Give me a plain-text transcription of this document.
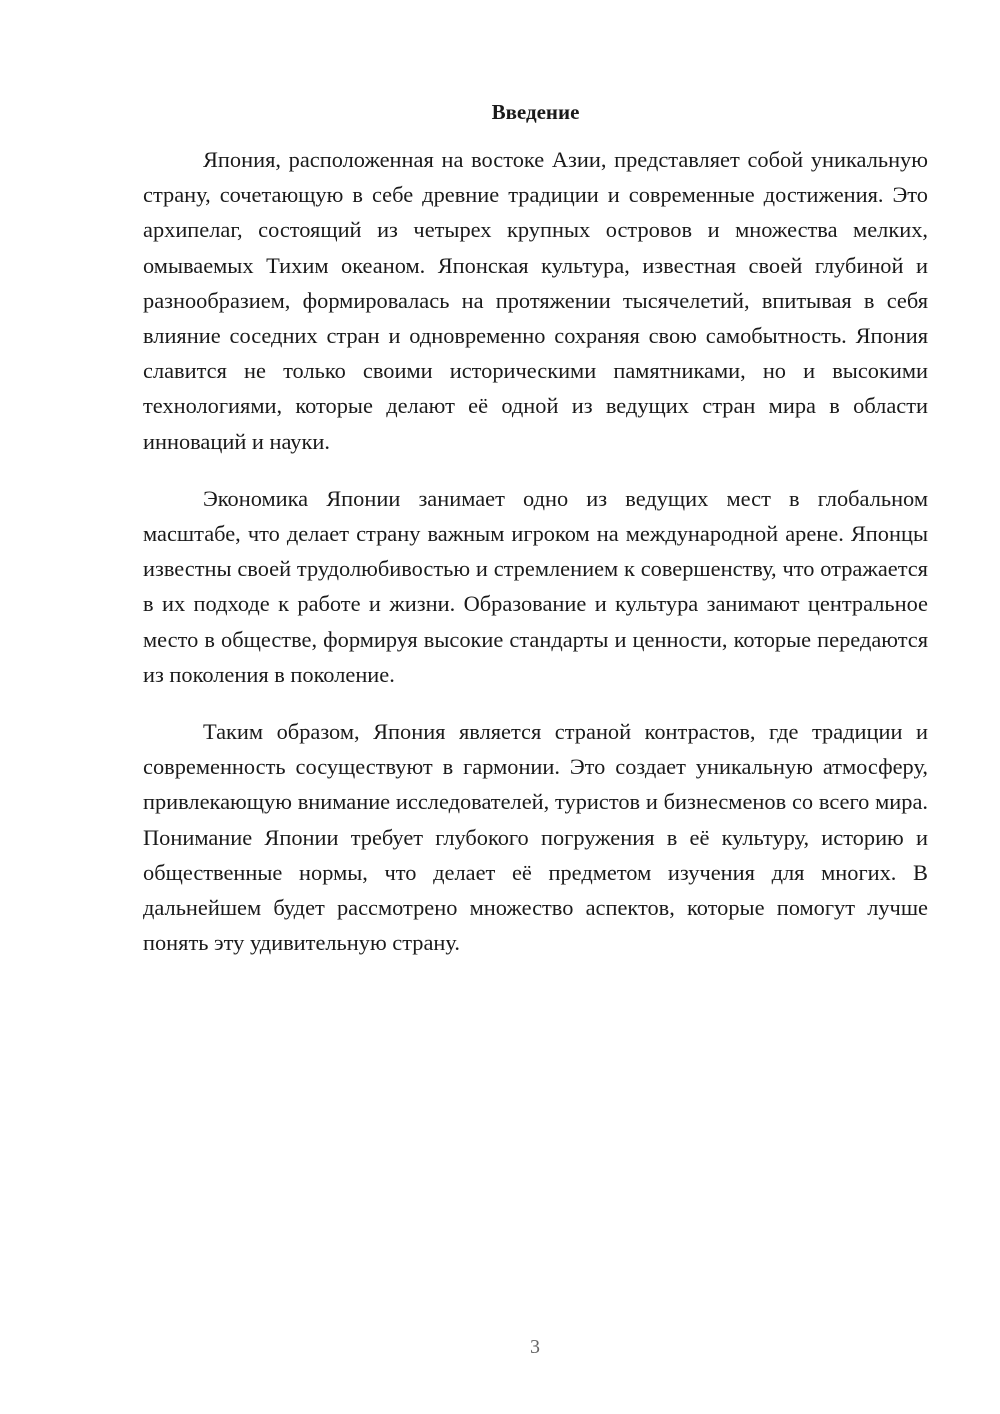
Введение

Япония, расположенная на востоке Азии, представляет собой уникальную страну, сочетающую в себе древние традиции и современные достижения. Это архипелаг, состоящий из четырех крупных островов и множества мелких, омываемых Тихим океаном. Японская культура, известная своей глубиной и разнообразием, формировалась на протяжении тысячелетий, впитывая в себя влияние соседних стран и одновременно сохраняя свою самобытность. Япония славится не только своими историческими памятниками, но и высокими технологиями, которые делают её одной из ведущих стран мира в области инноваций и науки.

Экономика Японии занимает одно из ведущих мест в глобальном масштабе, что делает страну важным игроком на международной арене. Японцы известны своей трудолюбивостью и стремлением к совершенству, что отражается в их подходе к работе и жизни. Образование и культура занимают центральное место в обществе, формируя высокие стандарты и ценности, которые передаются из поколения в поколение.

Таким образом, Япония является страной контрастов, где традиции и современность сосуществуют в гармонии. Это создает уникальную атмосферу, привлекающую внимание исследователей, туристов и бизнесменов со всего мира. Понимание Японии требует глубокого погружения в её культуру, историю и общественные нормы, что делает её предметом изучения для многих. В дальнейшем будет рассмотрено множество аспектов, которые помогут лучше понять эту удивительную страну.

3
